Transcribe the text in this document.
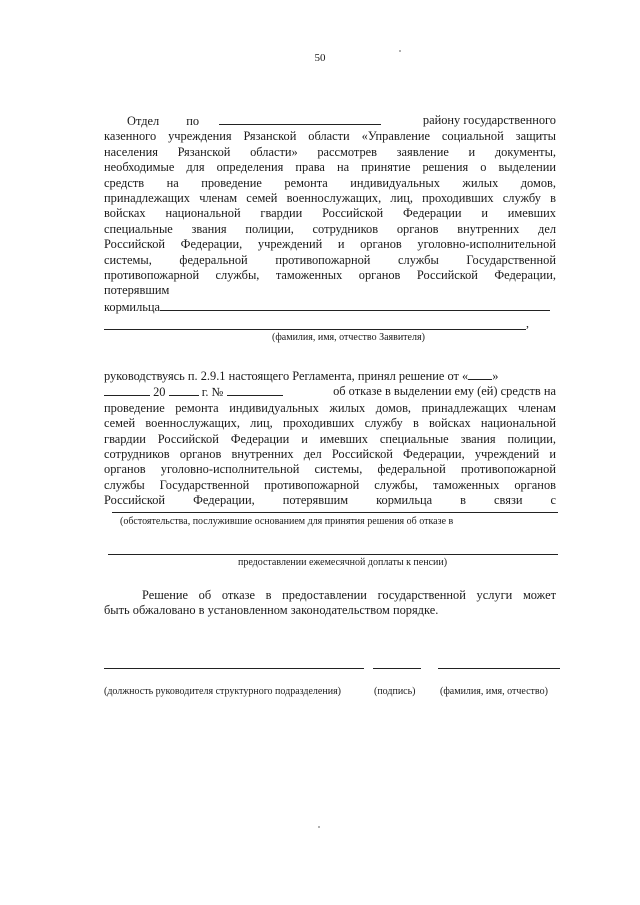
50
Отдел по	району государственного
казенного учреждения Рязанской области «Управление социальной защиты
населения Рязанской области» рассмотрев заявление и документы,
необходимые для определения права на принятие решения о выделении
средств на проведение ремонта индивидуальных жилых домов,
принадлежащих членам семей военнослужащих, лиц, проходивших службу в
войсках национальной гвардии Российской Федерации и имевших
специальные звания полиции, сотрудников органов внутренних дел
Российской Федерации, учреждений и органов уголовно-исполнительной
системы, федеральной противопожарной службы Государственной
противопожарной службы, таможенных органов Российской Федерации,
потерявшим
кормильца
,
(фамилия, имя, отчество Заявителя)
руководствуясь п. 2.9.1 настоящего Регламента, принял решение от « »
20	г. №	об отказе в выделении ему (ей) средств на
проведение ремонта индивидуальных жилых домов, принадлежащих членам
семей военнослужащих, лиц, проходивших службу в войсках национальной
гвардии Российской Федерации и имевших специальные звания полиции,
сотрудников органов внутренних дел Российской Федерации, учреждений и
органов уголовно-исполнительной системы, федеральной противопожарной
службы Государственной противопожарной службы, таможенных органов
Российской Федерации, потерявшим кормильца в связи с
(обстоятельства, послужившие основанием для принятия решения об отказе в
предоставлении ежемесячной доплаты к пенсии)
Решение об отказе в предоставлении государственной услуги может
быть обжаловано в установленном законодательством порядке.
(должность руководителя структурного подразделения)	(подпись) (фамилия, имя, отчество)
